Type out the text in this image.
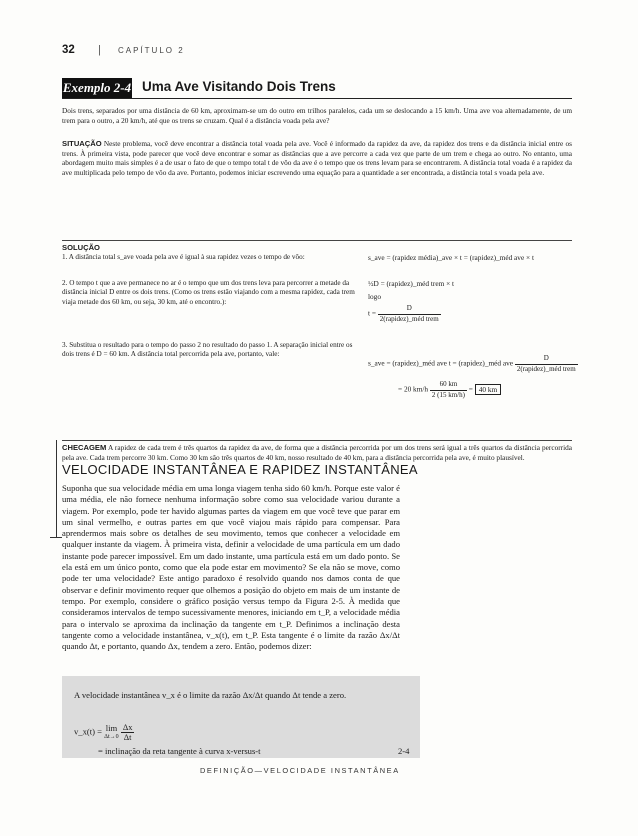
32 | CAPÍTULO 2
Exemplo 2-4 Uma Ave Visitando Dois Trens
Dois trens, separados por uma distância de 60 km, aproximam-se um do outro em trilhos paralelos, cada um se deslocando a 15 km/h. Uma ave voa alternadamente, de um trem para o outro, a 20 km/h, até que os trens se cruzam. Qual é a distância voada pela ave?
SITUAÇÃO Neste problema, você deve encontrar a distância total voada pela ave. Você é informado da rapidez da ave, da rapidez dos trens e da distância inicial entre os trens. À primeira vista, pode parecer que você deve encontrar e somar as distâncias que a ave percorre a cada vez que parte de um trem e chega ao outro. No entanto, uma abordagem muito mais simples é a de usar o fato de que o tempo total t de vôo da ave é o tempo que os trens levam para se encontrarem. A distância total voada é a rapidez da ave multiplicada pelo tempo de vôo da ave. Portanto, podemos iniciar escrevendo uma equação para a quantidade a ser encontrada, a distância total s voada pela ave.
SOLUÇÃO
1. A distância total s_ave voada pela ave é igual à sua rapidez vezes o tempo de vôo:	s_ave = (rapidez média)_ave × t = (rapidez)_méd ave × t
2. O tempo t que a ave permanece no ar é o tempo que um dos trens leva para percorrer a metade da distância inicial D entre os dois trens. (Como os trens estão viajando com a mesma rapidez, cada trem viaja metade dos 60 km, ou seja, 30 km, até o encontro.):
½D = (rapidez)_méd trem × t
logo
$t = \frac{D}{\text{2(rapidez)\_méd trem}}$
3. Substitua o resultado para o tempo do passo 2 no resultado do passo 1. A separação inicial entre os dois trens é D = 60 km. A distância total percorrida pela ave, portanto, vale:
s_ave = (rapidez)_méd ave t = (rapidez)_méd ave $\frac{D}{\text{2(rapidez)\_méd trem}}$
= 20 $km/h \frac{60 km}{2 (15 km/h)} = 40$ km
CHECAGEM A rapidez de cada trem é três quartos da rapidez da ave, de forma que a distância percorrida por um dos trens será igual a três quartos da distância percorrida pela ave. Cada trem percorre 30 km. Como 30 km são três quartos de 40 km, nosso resultado de 40 km, para a distância percorrida pela ave, é muito plausível.
VELOCIDADE INSTANTÂNEA E RAPIDEZ INSTANTÂNEA
Suponha que sua velocidade média em uma longa viagem tenha sido 60 km/h. Porque este valor é uma média, ele não fornece nenhuma informação sobre como sua velocidade variou durante a viagem. Por exemplo, pode ter havido algumas partes da viagem em que você teve que parar em um sinal vermelho, e outras partes em que você viajou mais rápido para compensar. Para aprendermos mais sobre os detalhes de seu movimento, temos que conhecer a velocidade em qualquer instante da viagem. À primeira vista, definir a velocidade de uma partícula em um dado instante pode parecer impossível. Em um dado instante, uma partícula está em um dado ponto. Se ela está em um único ponto, como que ela pode estar em movimento? Se ela não se move, como pode ter uma velocidade? Este antigo paradoxo é resolvido quando nos damos conta de que observar e definir movimento requer que olhemos a posição do objeto em mais de um instante de tempo. Por exemplo, considere o gráfico posição versus tempo da Figura 2-5. À medida que consideramos intervalos de tempo sucessivamente menores, iniciando em t_P, a velocidade média para o intervalo se aproxima da inclinação da tangente em t_P. Definimos a inclinação desta tangente como a velocidade instantânea, v_x(t), em t_P. Esta tangente é o limite da razão Δx/Δt quando Δt, e portanto, quando Δx, tendem a zero. Então, podemos dizer:
A velocidade instantânea v_x é o limite da razão Δx/Δt quando Δt tende a zero.
v_x(t) = lim
Δt→0
$\frac{\Delta x}{\Delta t}$
= inclinação da reta tangente à curva x-versus-t	2-4
DEFINIÇÃO—VELOCIDADE INSTANTÂNEA
